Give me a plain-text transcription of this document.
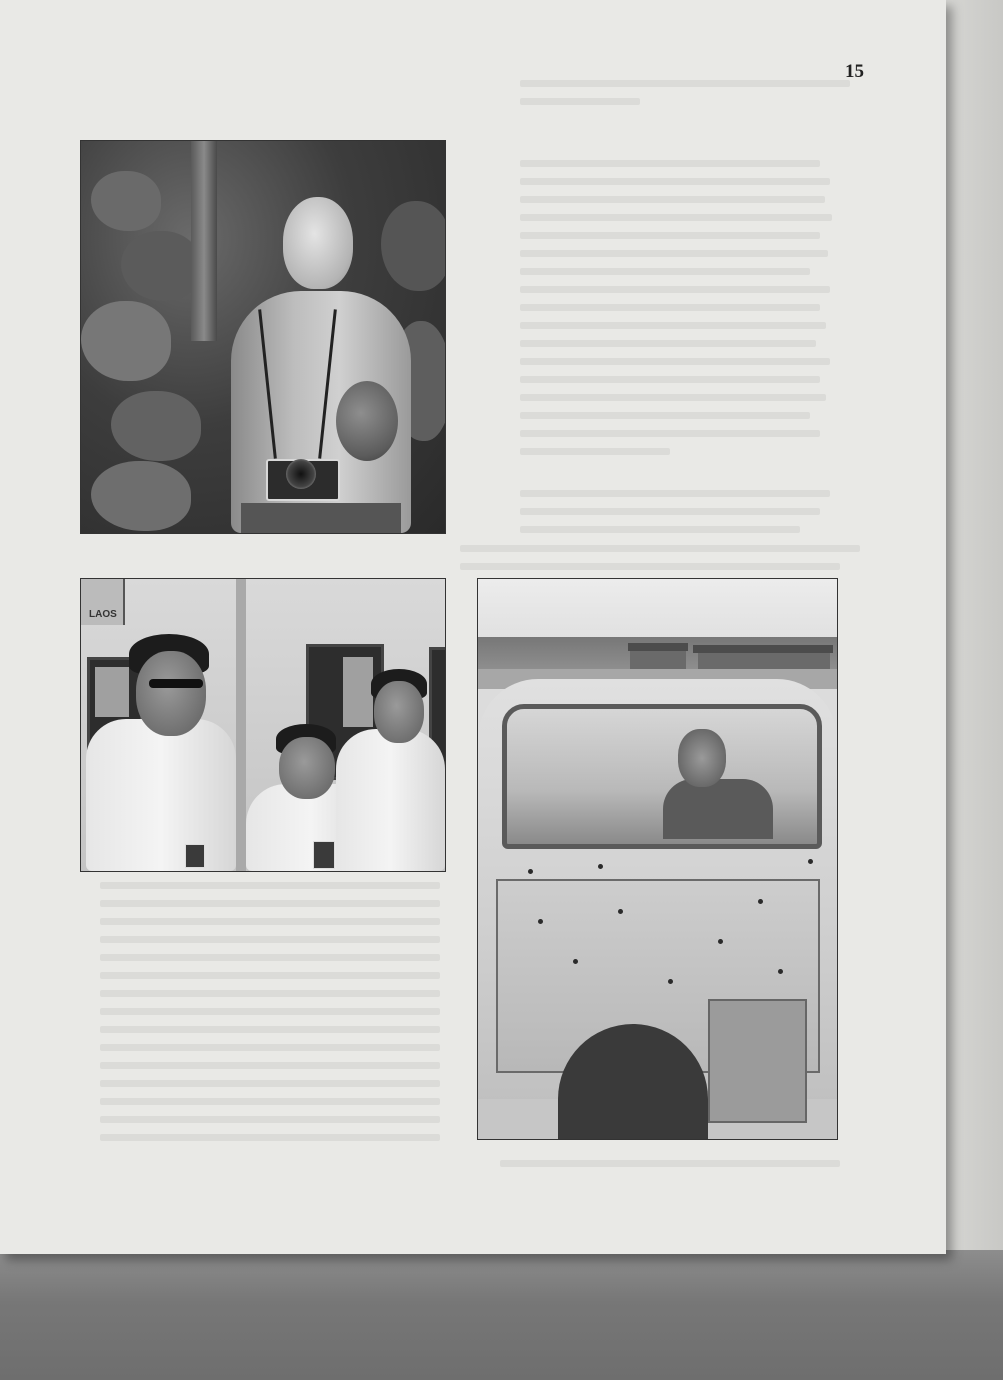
15
LAOS
